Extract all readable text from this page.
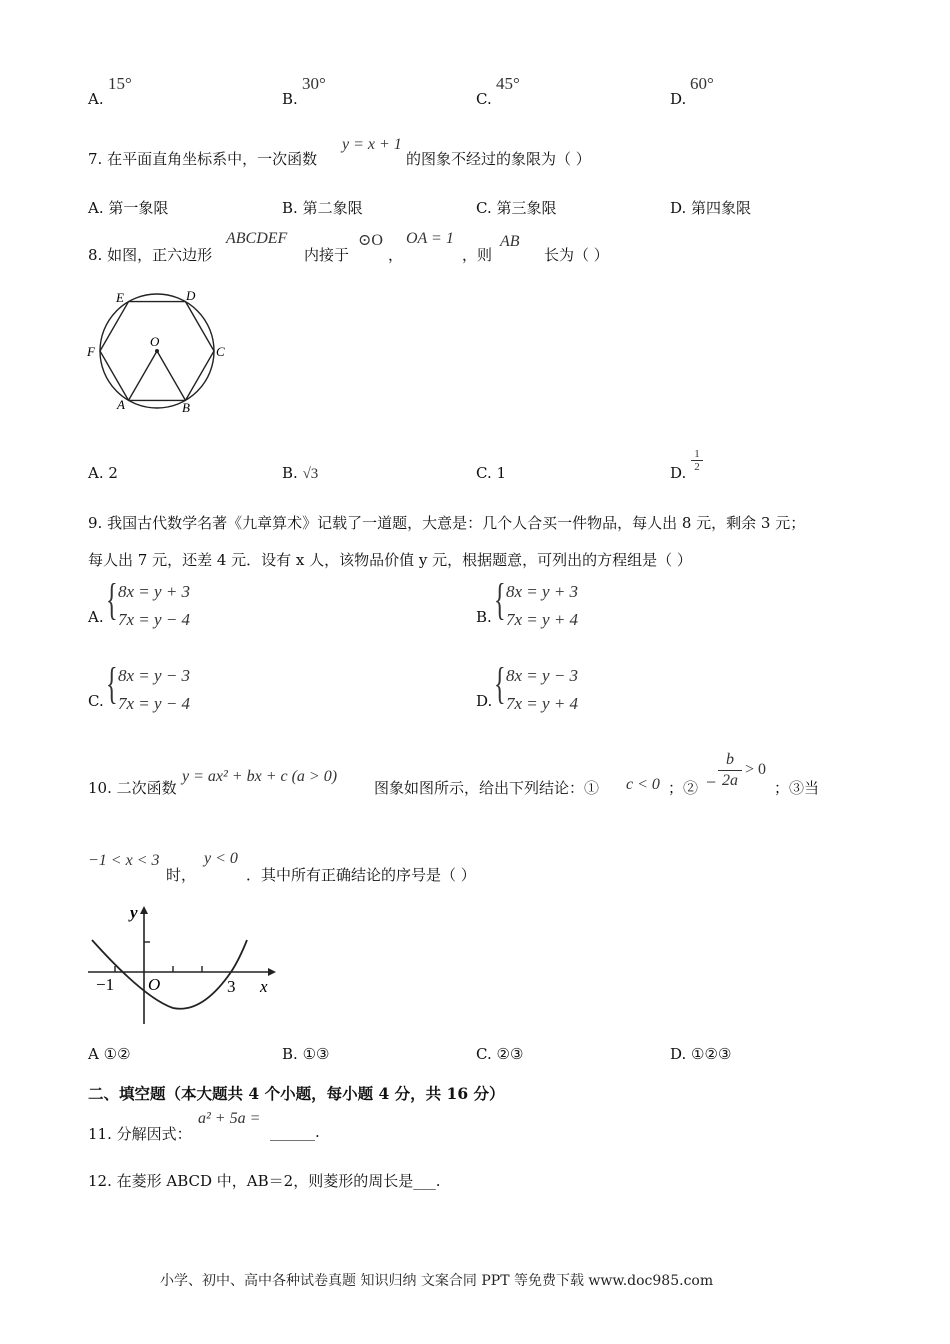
A.
15°
B.
30°
C.
45°
D.
60°
7. 在平面直角坐标系中，一次函数
y = x + 1
的图象不经过的象限为（ ）
A. 第一象限	B. 第二象限	C. 第三象限	D. 第四象限
8. 如图，正六边形
ABCDEF
内接于
⊙O
，
OA = 1
，则
AB
长为（ ）
E	D
F	C
O
A	B
A. 2	B. √3	C. 1	D.
1
2
9. 我国古代数学名著《九章算术》记载了一道题，大意是：几个人合买一件物品，每人出 8 元，剩余 3 元；
每人出 7 元，还差 4 元．设有 x 人，该物品价值 y 元，根据题意，可列出的方程组是（ ）
A. { 8x = y + 3
7x = y − 4	B. { 8x = y + 3
7x = y + 4
C. { 8x = y − 3
7x = y − 4	D. { 8x = y − 3
7x = y + 4
10. 二次函数
y = ax² + bx + c (a > 0)
图象如图所示，给出下列结论：① c < 0 ；② −
b
2a
> 0
；③当
−1 < x < 3
时，
y < 0
．其中所有正确结论的序号是（ ）
y
x
O
−1	3
A ①②	B. ①③	C. ②③	D. ①②③
二、填空题（本大题共 4 个小题，每小题 4 分，共 16 分）
11. 分解因式：
a² + 5a =
______.
12. 在菱形 ABCD 中，AB＝2，则菱形的周长是___.
小学、初中、高中各种试卷真题 知识归纳 文案合同 PPT 等免费下载 www.doc985.com
